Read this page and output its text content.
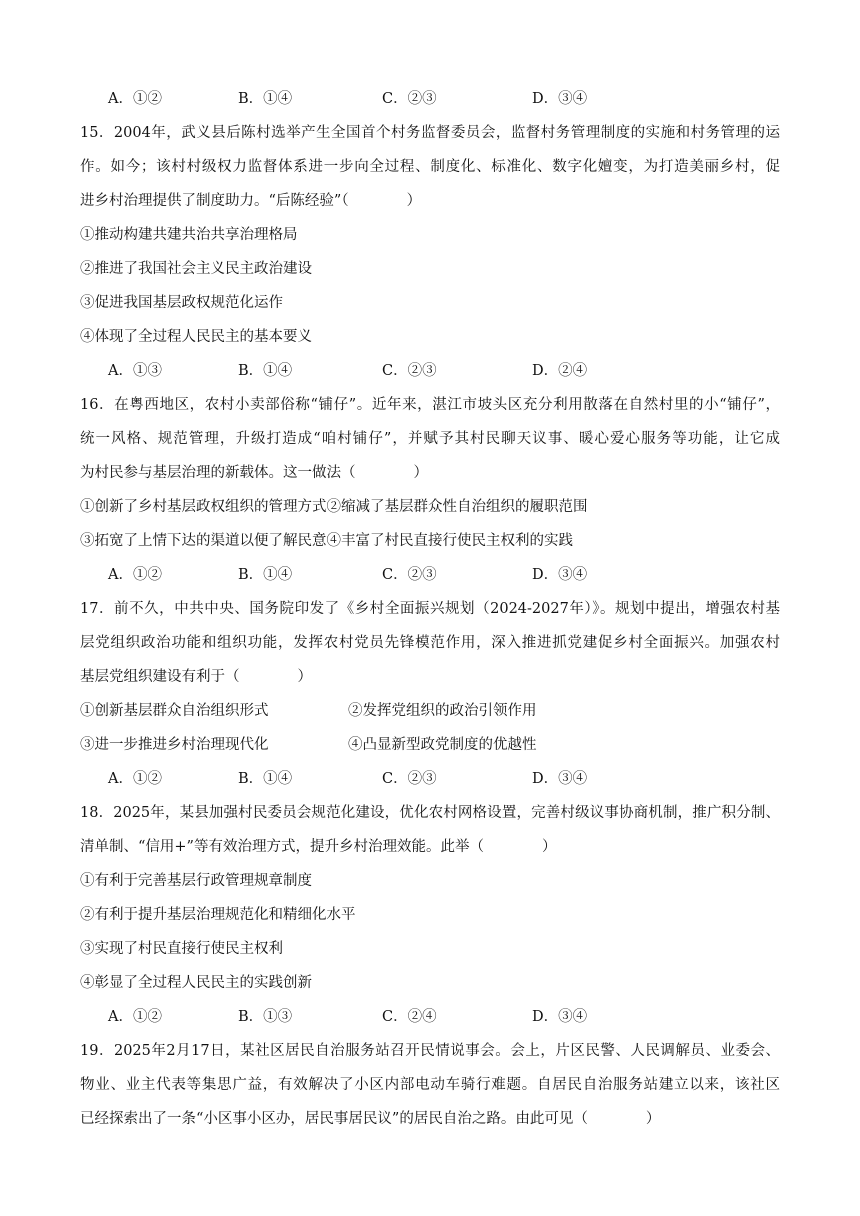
A．①②	B．①④	C．②③	D．③④
15．2004年，武义县后陈村选举产生全国首个村务监督委员会，监督村务管理制度的实施和村务管理的运
作。如今；该村村级权力监督体系进一步向全过程、制度化、标准化、数字化嬗变，为打造美丽乡村，促
进乡村治理提供了制度助力。“后陈经验”（　　　　）
①推动构建共建共治共享治理格局
②推进了我国社会主义民主政治建设
③促进我国基层政权规范化运作
④体现了全过程人民民主的基本要义
A．①③	B．①④	C．②③	D．②④
16．在粤西地区，农村小卖部俗称“铺仔”。近年来，湛江市坡头区充分利用散落在自然村里的小“铺仔”，
统一风格、规范管理，升级打造成“咱村铺仔”，并赋予其村民聊天议事、暖心爱心服务等功能，让它成
为村民参与基层治理的新载体。这一做法（　　　　）
①创新了乡村基层政权组织的管理方式②缩减了基层群众性自治组织的履职范围
③拓宽了上情下达的渠道以便了解民意④丰富了村民直接行使民主权利的实践
A．①②	B．①④	C．②③	D．③④
17．前不久，中共中央、国务院印发了《乡村全面振兴规划（2024-2027年）》。规划中提出，增强农村基
层党组织政治功能和组织功能，发挥农村党员先锋模范作用，深入推进抓党建促乡村全面振兴。加强农村
基层党组织建设有利于（　　　　）
①创新基层群众自治组织形式	②发挥党组织的政治引领作用
③进一步推进乡村治理现代化	④凸显新型政党制度的优越性
A．①②	B．①④	C．②③	D．③④
18．2025年，某县加强村民委员会规范化建设，优化农村网格设置，完善村级议事协商机制，推广积分制、
清单制、“信用+”等有效治理方式，提升乡村治理效能。此举（　　　　）
①有利于完善基层行政管理规章制度
②有利于提升基层治理规范化和精细化水平
③实现了村民直接行使民主权利
④彰显了全过程人民民主的实践创新
A．①②	B．①③	C．②④	D．③④
19．2025年2月17日，某社区居民自治服务站召开民情说事会。会上，片区民警、人民调解员、业委会、
物业、业主代表等集思广益，有效解决了小区内部电动车骑行难题。自居民自治服务站建立以来，该社区
已经探索出了一条“小区事小区办，居民事居民议”的居民自治之路。由此可见（　　　　）
